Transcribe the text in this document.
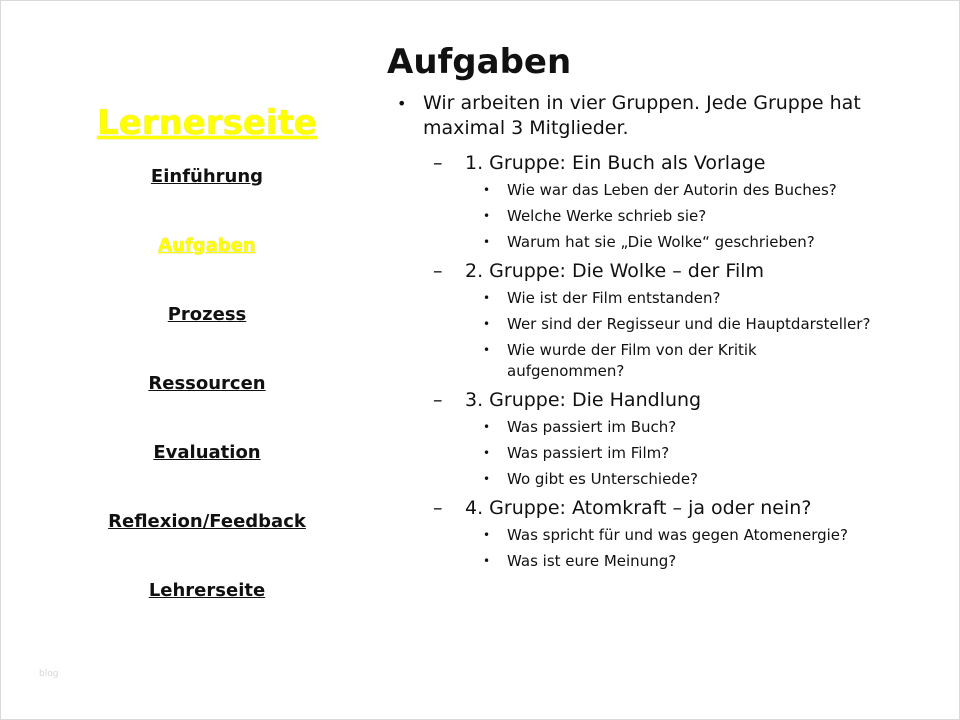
Lernerseite
Einführung
Aufgaben
Prozess
Ressourcen
Evaluation
Reflexion/Feedback
Lehrerseite
Aufgaben
• Wir arbeiten in vier Gruppen. Jede Gruppe hat maximal 3 Mitglieder.
– 1. Gruppe: Ein Buch als Vorlage
• Wie war das Leben der Autorin des Buches?
• Welche Werke schrieb sie?
• Warum hat sie „Die Wolke“ geschrieben?
– 2. Gruppe: Die Wolke – der Film
• Wie ist der Film entstanden?
• Wer sind der Regisseur und die Hauptdarsteller?
• Wie wurde der Film von der Kritik aufgenommen?
– 3. Gruppe: Die Handlung
• Was passiert im Buch?
• Was passiert im Film?
• Wo gibt es Unterschiede?
– 4. Gruppe: Atomkraft – ja oder nein?
• Was spricht für und was gegen Atomenergie?
• Was ist eure Meinung?
blog
